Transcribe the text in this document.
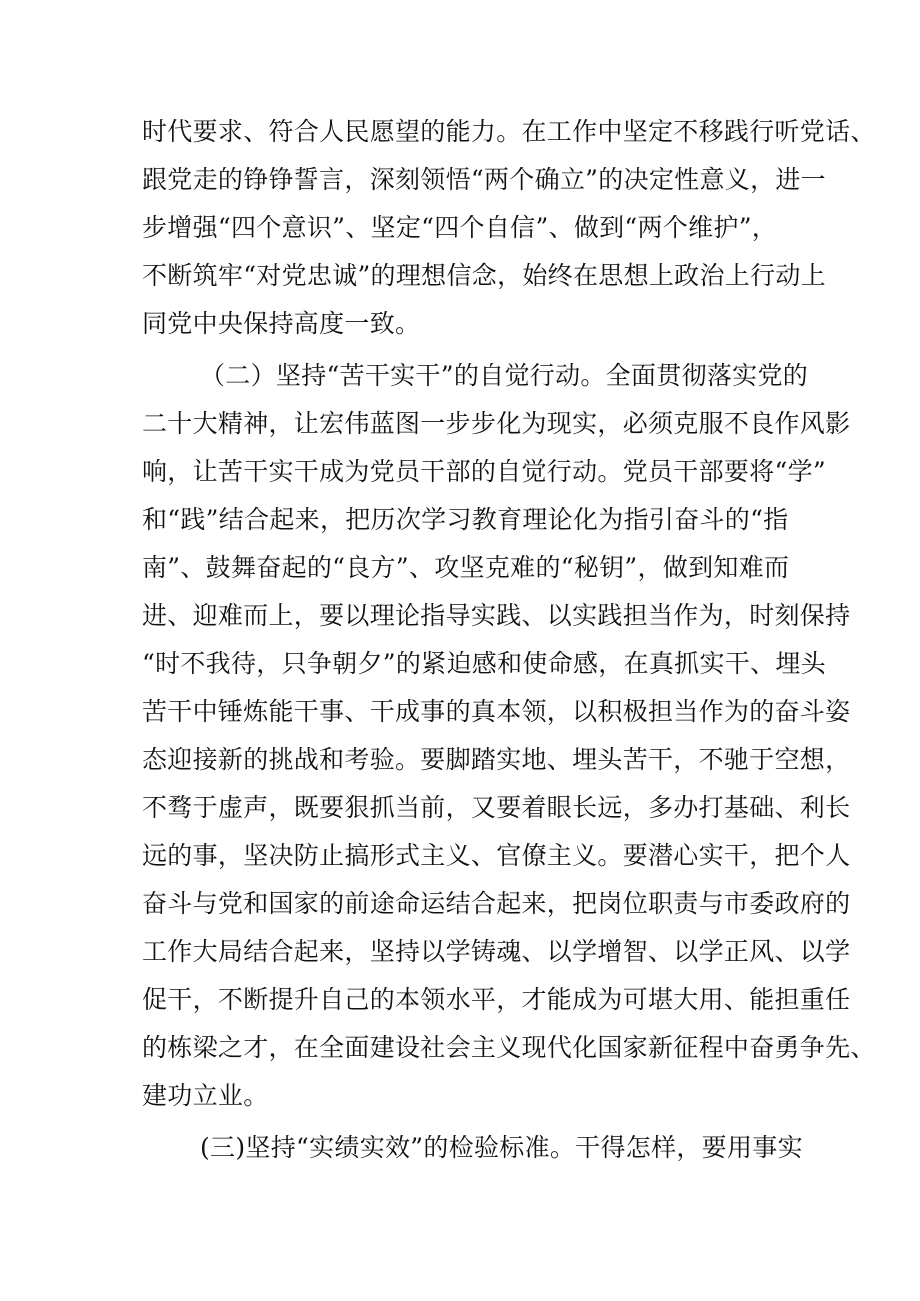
时代要求、符合人民愿望的能力。在工作中坚定不移践行听党话、
跟党走的铮铮誓言，深刻领悟“两个确立”的决定性意义，进一
步增强“四个意识”、坚定“四个自信”、做到“两个维护”，
不断筑牢“对党忠诚”的理想信念，始终在思想上政治上行动上
同党中央保持高度一致。
（二）坚持“苦干实干”的自觉行动。全面贯彻落实党的
二十大精神，让宏伟蓝图一步步化为现实，必须克服不良作风影
响，让苦干实干成为党员干部的自觉行动。党员干部要将“学”
和“践”结合起来，把历次学习教育理论化为指引奋斗的“指
南”、鼓舞奋起的“良方”、攻坚克难的“秘钥”，做到知难而
进、迎难而上，要以理论指导实践、以实践担当作为，时刻保持
“时不我待，只争朝夕”的紧迫感和使命感，在真抓实干、埋头
苦干中锤炼能干事、干成事的真本领，以积极担当作为的奋斗姿
态迎接新的挑战和考验。要脚踏实地、埋头苦干，不驰于空想，
不骛于虚声，既要狠抓当前，又要着眼长远，多办打基础、利长
远的事，坚决防止搞形式主义、官僚主义。要潜心实干，把个人
奋斗与党和国家的前途命运结合起来，把岗位职责与市委政府的
工作大局结合起来，坚持以学铸魂、以学增智、以学正风、以学
促干，不断提升自己的本领水平，才能成为可堪大用、能担重任
的栋梁之才，在全面建设社会主义现代化国家新征程中奋勇争先、
建功立业。
(三)坚持“实绩实效”的检验标准。干得怎样，要用事实
